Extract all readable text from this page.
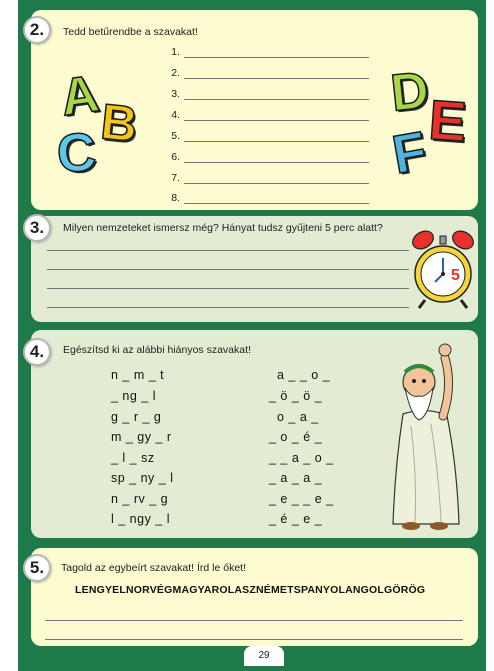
2. Tedd betűrendbe a szavakat!
1.
2.
3.
4.
5.
6.
7.
8.
A
B
C
D
E
F
3. Milyen nemzeteket ismersz még? Hányat tudsz gyűjteni 5 perc alatt?
5
4. Egészítsd ki az alábbi hiányos szavakat!
n _ m _ t
_ ng _ l
g _ r _ g
m _ gy _ r
_ l _ sz
sp _ ny _ l
n _ rv _ g
l _ ngy _ l
a _ _ o _
_ ö _ ö _
o _ a _
_ o _ é _
_ _ a _ o _
_ a _ a _
_ e _ _ e _
_ é _ e _
5. Tagold az egybeírt szavakat! Írd le őket!
LENGYELNORVÉGMAGYAROLASZNÉMETSPANYOLANGOLGÖRÖG
29
